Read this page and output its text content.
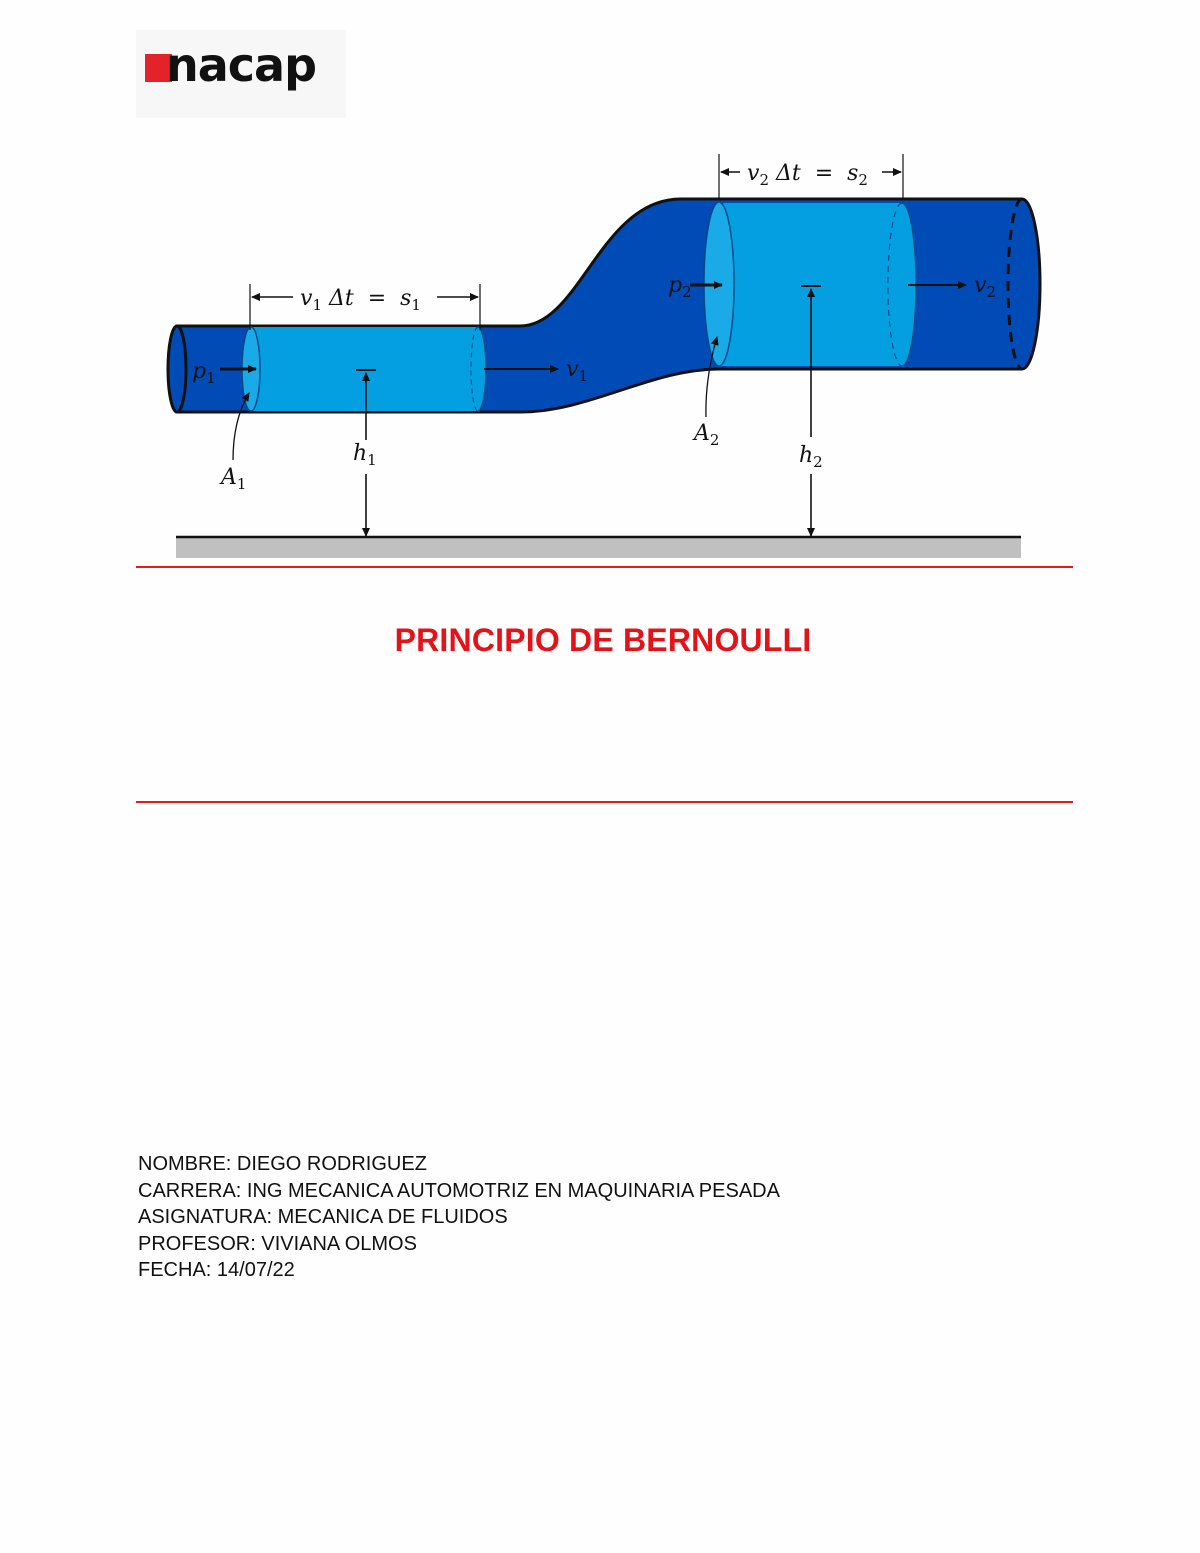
nacap
$p_1$	$v_1$
$A_1$
$h_1$
$p_2$	$v_2$
$A_2$
$h_2$
$v_1$ $\Delta t = s_1$
$v_2$ $\Delta t = s_2$
PRINCIPIO DE BERNOULLI
NOMBRE: DIEGO RODRIGUEZ
CARRERA: ING MECANICA AUTOMOTRIZ EN MAQUINARIA PESADA
ASIGNATURA: MECANICA DE FLUIDOS
PROFESOR: VIVIANA OLMOS
FECHA: 14/07/22
